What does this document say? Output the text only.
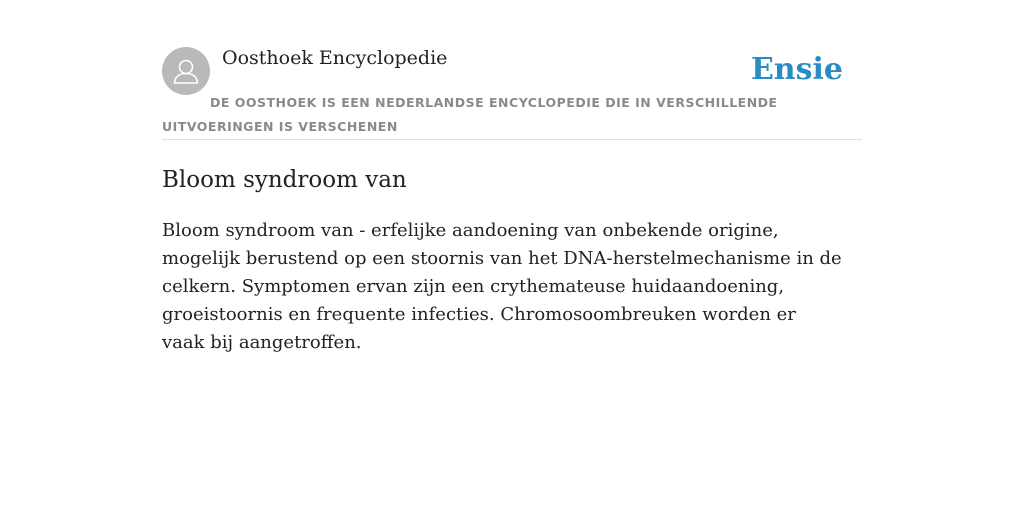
Oosthoek Encyclopedie	Ensie
DE OOSTHOEK IS EEN NEDERLANDSE ENCYCLOPEDIE DIE IN VERSCHILLENDE UITVOERINGEN IS VERSCHENEN
Bloom syndroom van

Bloom syndroom van - erfelijke aandoening van onbekende origine, mogelijk berustend op een stoornis van het DNA-herstelmechanisme in de celkern. Symptomen ervan zijn een crythemateuse huidaandoening, groeistoornis en frequente infecties. Chromosoombreuken worden er vaak bij aangetroffen.
